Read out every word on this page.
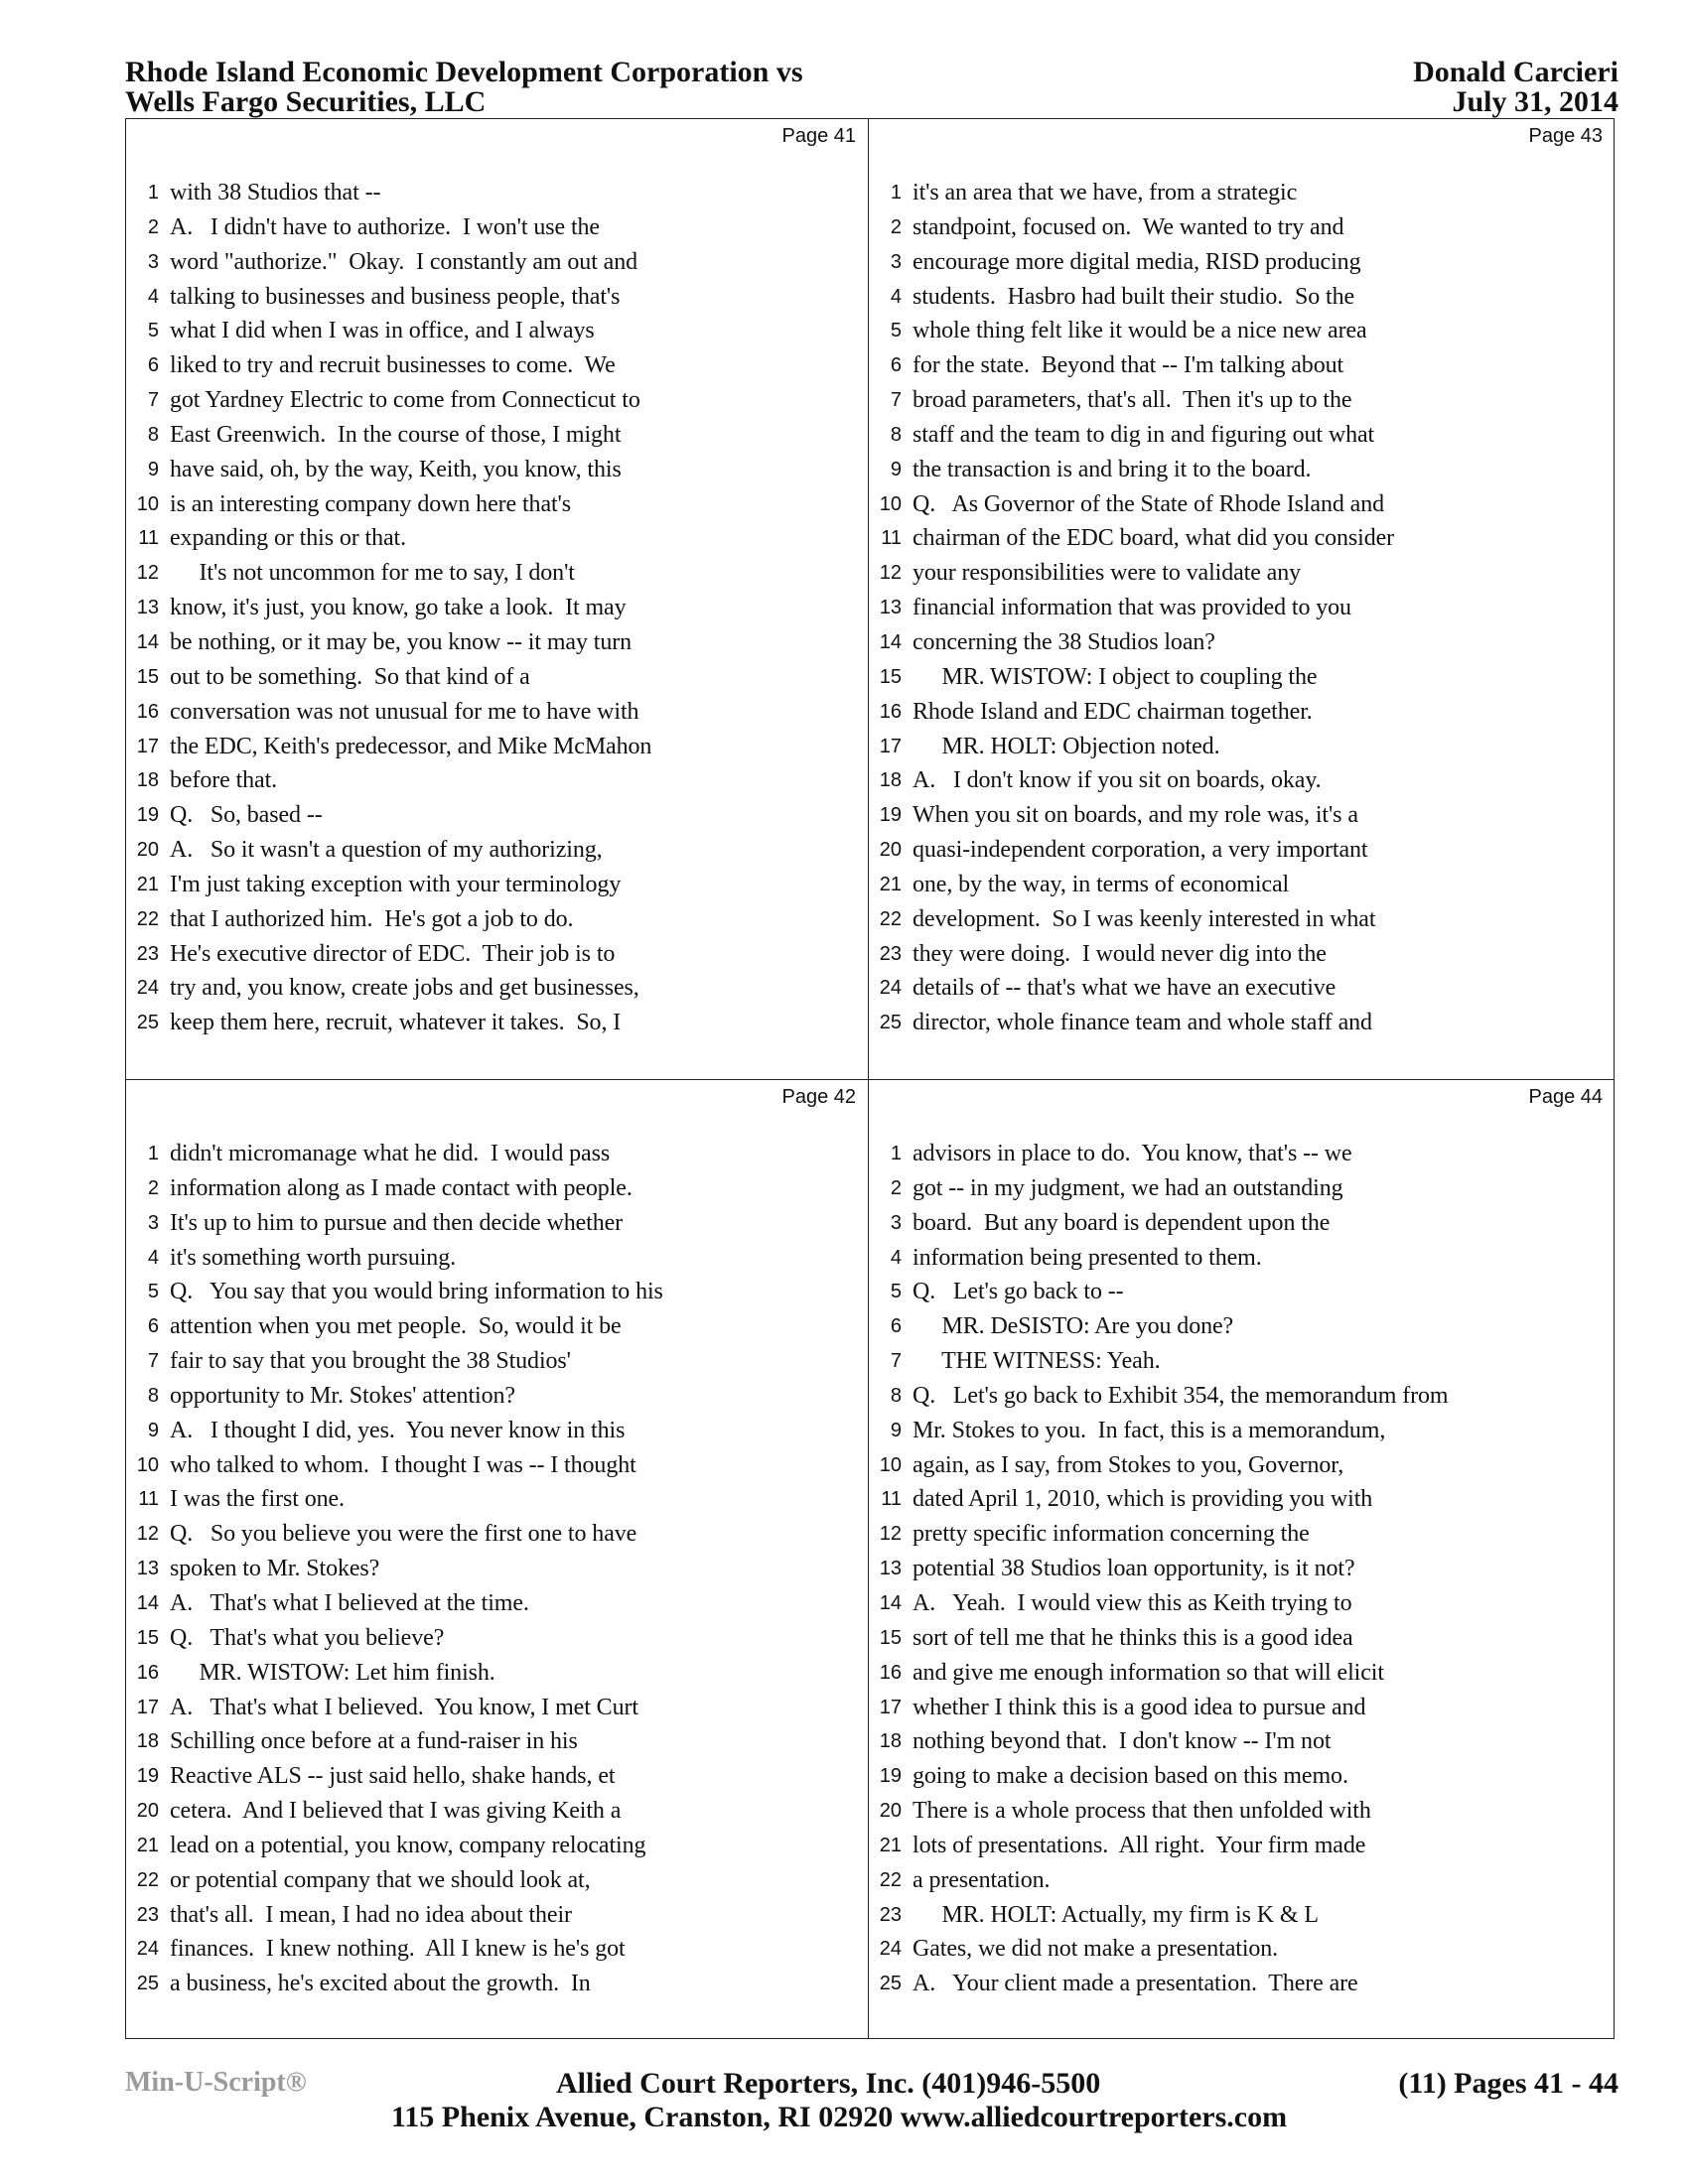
Rhode Island Economic Development Corporation vs
Wells Fargo Securities, LLC
Donald Carcieri
July 31, 2014
Page 41
1 with 38 Studios that --
2 A.   I didn't have to authorize.  I won't use the
3 word "authorize."  Okay.  I constantly am out and
4 talking to businesses and business people, that's
5 what I did when I was in office, and I always
6 liked to try and recruit businesses to come.  We
7 got Yardney Electric to come from Connecticut to
8 East Greenwich.  In the course of those, I might
9 have said, oh, by the way, Keith, you know, this
10 is an interesting company down here that's
11 expanding or this or that.
12 It's not uncommon for me to say, I don't
13 know, it's just, you know, go take a look.  It may
14 be nothing, or it may be, you know -- it may turn
15 out to be something.  So that kind of a
16 conversation was not unusual for me to have with
17 the EDC, Keith's predecessor, and Mike McMahon
18 before that.
19 Q.   So, based --
20 A.   So it wasn't a question of my authorizing,
21 I'm just taking exception with your terminology
22 that I authorized him.  He's got a job to do.
23 He's executive director of EDC.  Their job is to
24 try and, you know, create jobs and get businesses,
25 keep them here, recruit, whatever it takes.  So, I
Page 42
1 didn't micromanage what he did.  I would pass
2 information along as I made contact with people.
3 It's up to him to pursue and then decide whether
4 it's something worth pursuing.
5 Q.   You say that you would bring information to his
6 attention when you met people.  So, would it be
7 fair to say that you brought the 38 Studios'
8 opportunity to Mr. Stokes' attention?
9 A.   I thought I did, yes.  You never know in this
10 who talked to whom.  I thought I was -- I thought
11 I was the first one.
12 Q.   So you believe you were the first one to have
13 spoken to Mr. Stokes?
14 A.   That's what I believed at the time.
15 Q.   That's what you believe?
16 MR. WISTOW: Let him finish.
17 A.   That's what I believed.  You know, I met Curt
18 Schilling once before at a fund-raiser in his
19 Reactive ALS -- just said hello, shake hands, et
20 cetera.  And I believed that I was giving Keith a
21 lead on a potential, you know, company relocating
22 or potential company that we should look at,
23 that's all.  I mean, I had no idea about their
24 finances.  I knew nothing.  All I knew is he's got
25 a business, he's excited about the growth.  In
Page 43
1 it's an area that we have, from a strategic
2 standpoint, focused on.  We wanted to try and
3 encourage more digital media, RISD producing
4 students.  Hasbro had built their studio.  So the
5 whole thing felt like it would be a nice new area
6 for the state.  Beyond that -- I'm talking about
7 broad parameters, that's all.  Then it's up to the
8 staff and the team to dig in and figuring out what
9 the transaction is and bring it to the board.
10 Q.   As Governor of the State of Rhode Island and
11 chairman of the EDC board, what did you consider
12 your responsibilities were to validate any
13 financial information that was provided to you
14 concerning the 38 Studios loan?
15 MR. WISTOW: I object to coupling the
16 Rhode Island and EDC chairman together.
17 MR. HOLT: Objection noted.
18 A.   I don't know if you sit on boards, okay.
19 When you sit on boards, and my role was, it's a
20 quasi-independent corporation, a very important
21 one, by the way, in terms of economical
22 development.  So I was keenly interested in what
23 they were doing.  I would never dig into the
24 details of -- that's what we have an executive
25 director, whole finance team and whole staff and
Page 44
1 advisors in place to do.  You know, that's -- we
2 got -- in my judgment, we had an outstanding
3 board.  But any board is dependent upon the
4 information being presented to them.
5 Q.   Let's go back to --
6 MR. DeSISTO: Are you done?
7 THE WITNESS: Yeah.
8 Q.   Let's go back to Exhibit 354, the memorandum from
9 Mr. Stokes to you.  In fact, this is a memorandum,
10 again, as I say, from Stokes to you, Governor,
11 dated April 1, 2010, which is providing you with
12 pretty specific information concerning the
13 potential 38 Studios loan opportunity, is it not?
14 A.   Yeah.  I would view this as Keith trying to
15 sort of tell me that he thinks this is a good idea
16 and give me enough information so that will elicit
17 whether I think this is a good idea to pursue and
18 nothing beyond that.  I don't know -- I'm not
19 going to make a decision based on this memo.
20 There is a whole process that then unfolded with
21 lots of presentations.  All right.  Your firm made
22 a presentation.
23 MR. HOLT: Actually, my firm is K & L
24 Gates, we did not make a presentation.
25 A.   Your client made a presentation.  There are
Min-U-Script®	Allied Court Reporters, Inc. (401)946-5500	(11) Pages 41 - 44
115 Phenix Avenue, Cranston, RI 02920 www.alliedcourtreporters.com
